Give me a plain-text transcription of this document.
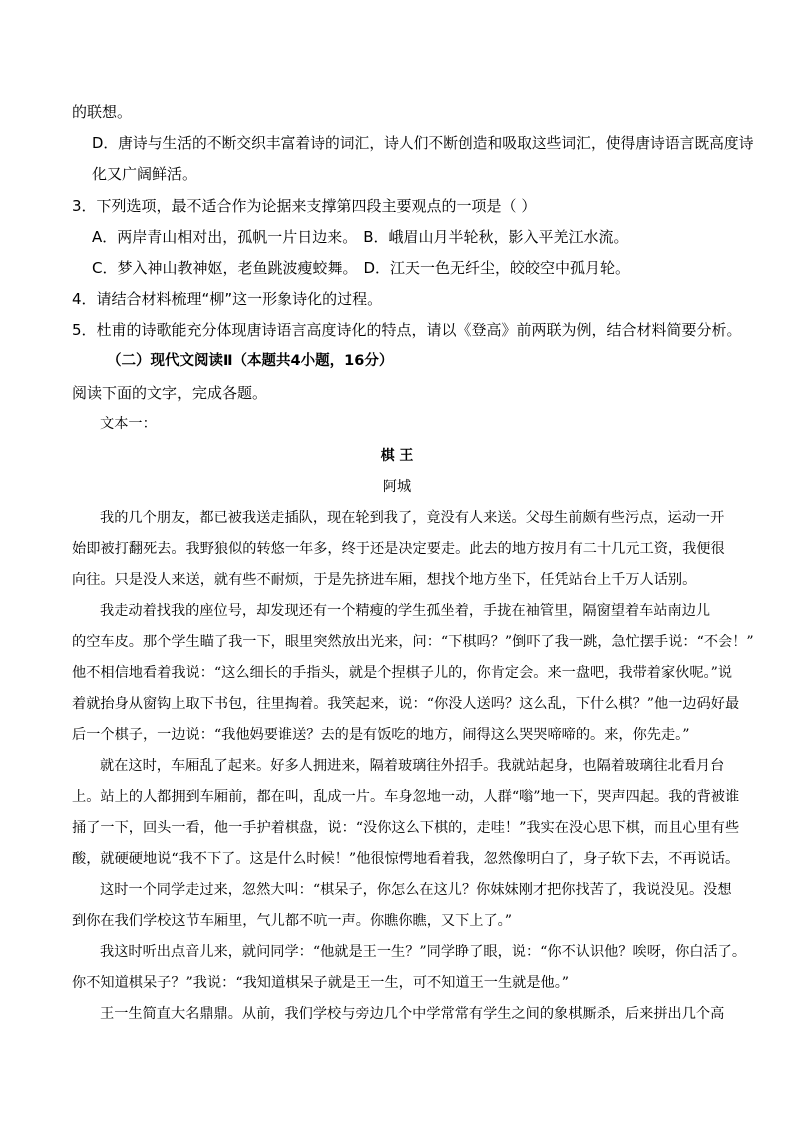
的联想。
D．唐诗与生活的不断交织丰富着诗的词汇，诗人们不断创造和吸取这些词汇，使得唐诗语言既高度诗
化又广阔鲜活。
3．下列选项，最不适合作为论据来支撑第四段主要观点的一项是（ ）
A．两岸青山相对出，孤帆一片日边来。 B．峨眉山月半轮秋，影入平羌江水流。
C．梦入神山教神妪，老鱼跳波瘦蛟舞。 D．江天一色无纤尘，皎皎空中孤月轮。
4．请结合材料梳理“柳”这一形象诗化的过程。
5．杜甫的诗歌能充分体现唐诗语言高度诗化的特点，请以《登高》前两联为例，结合材料简要分析。
（二）现代文阅读Ⅱ（本题共4小题，16分）
阅读下面的文字，完成各题。
文本一：
棋 王
阿城
我的几个朋友，都已被我送走插队，现在轮到我了，竟没有人来送。父母生前颇有些污点，运动一开
始即被打翻死去。我野狼似的转悠一年多，终于还是决定要走。此去的地方按月有二十几元工资，我便很
向往。只是没人来送，就有些不耐烦，于是先挤进车厢，想找个地方坐下，任凭站台上千万人话别。
我走动着找我的座位号，却发现还有一个精瘦的学生孤坐着，手拢在袖管里，隔窗望着车站南边儿
的空车皮。那个学生瞄了我一下，眼里突然放出光来，问：“下棋吗？”倒吓了我一跳，急忙摆手说：“不会！”
他不相信地看着我说：“这么细长的手指头，就是个捏棋子儿的，你肯定会。来一盘吧，我带着家伙呢。”说
着就抬身从窗钩上取下书包，往里掏着。我笑起来，说：“你没人送吗？这么乱，下什么棋？”他一边码好最
后一个棋子，一边说：“我他妈要谁送？去的是有饭吃的地方，闹得这么哭哭啼啼的。来，你先走。”
就在这时，车厢乱了起来。好多人拥进来，隔着玻璃往外招手。我就站起身，也隔着玻璃往北看月台
上。站上的人都拥到车厢前，都在叫，乱成一片。车身忽地一动，人群“嗡”地一下，哭声四起。我的背被谁
捅了一下，回头一看，他一手护着棋盘，说：“没你这么下棋的，走哇！”我实在没心思下棋，而且心里有些
酸，就硬硬地说“我不下了。这是什么时候！”他很惊愕地看着我，忽然像明白了，身子软下去，不再说话。
这时一个同学走过来，忽然大叫：“棋呆子，你怎么在这儿？你妹妹刚才把你找苦了，我说没见。没想
到你在我们学校这节车厢里，气儿都不吭一声。你瞧你瞧，又下上了。”
我这时听出点音儿来，就问同学：“他就是王一生？”同学睁了眼，说：“你不认识他？唉呀，你白活了。
你不知道棋呆子？”我说：“我知道棋呆子就是王一生，可不知道王一生就是他。”
王一生简直大名鼎鼎。从前，我们学校与旁边几个中学常常有学生之间的象棋厮杀，后来拼出几个高
